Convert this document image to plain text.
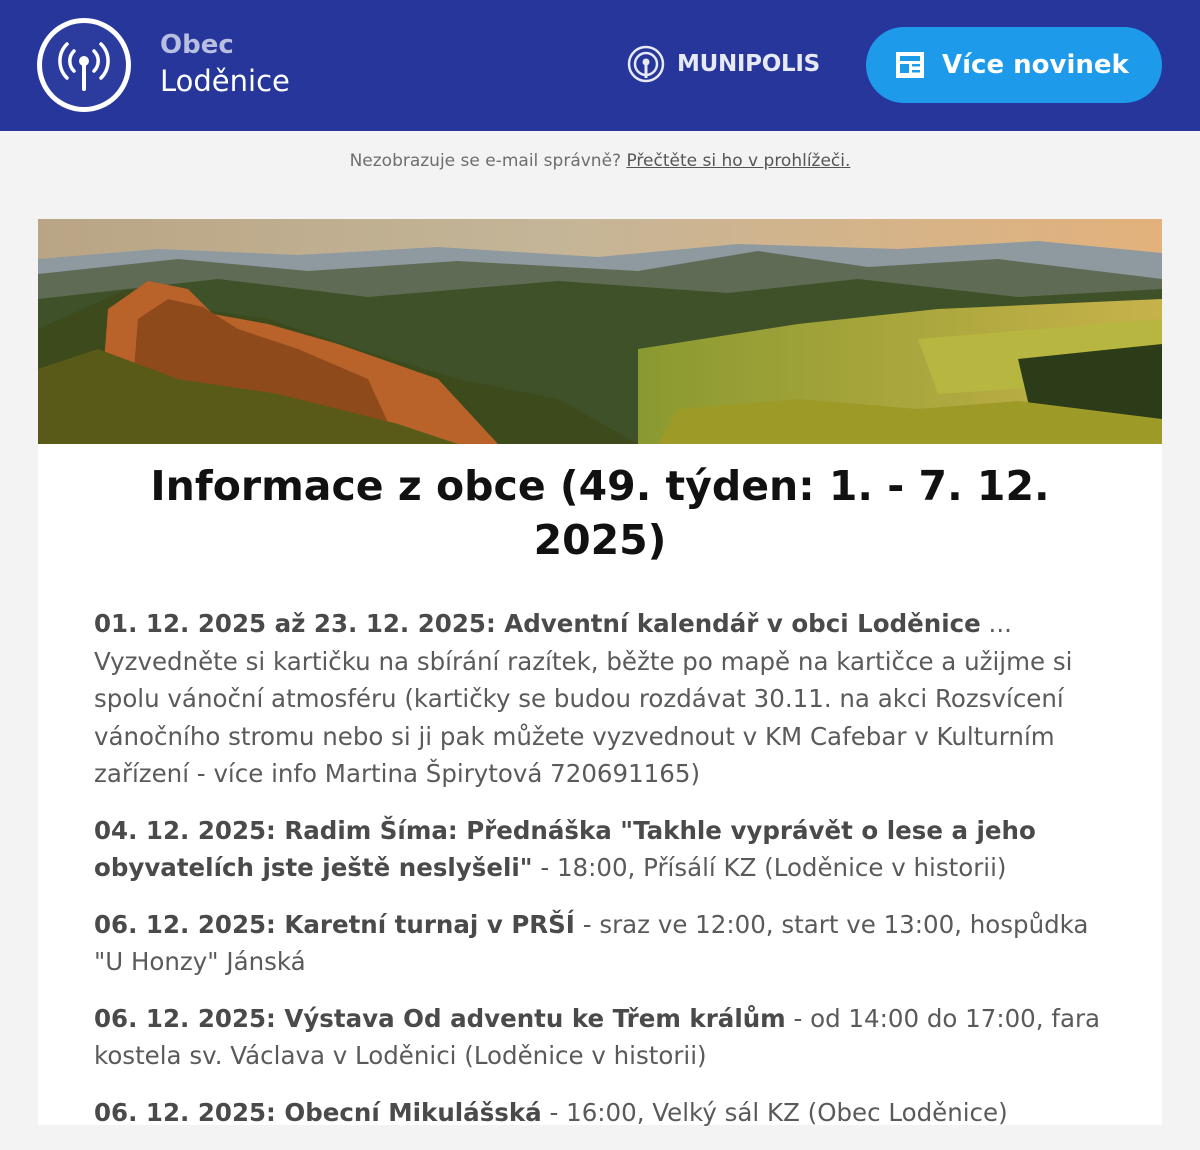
Obec
Loděnice	MUNIPOLIS	Více novinek
Nezobrazuje se e-mail správně? Přečtěte si ho v prohlížeči.
Informace z obce (49. týden: 1. - 7. 12. 2025)
01. 12. 2025 až 23. 12. 2025: Adventní kalendář v obci Loděnice ... Vyzvedněte si kartičku na sbírání razítek, běžte po mapě na kartičce a užijme si spolu vánoční atmosféru (kartičky se budou rozdávat 30.11. na akci Rozsvícení vánočního stromu nebo si ji pak můžete vyzvednout v KM Cafebar v Kulturním zařízení - více info Martina Špirytová 720691165)
04. 12. 2025: Radim Šíma: Přednáška "Takhle vyprávět o lese a jeho obyvatelích jste ještě neslyšeli" - 18:00, Přísálí KZ (Loděnice v historii)
06. 12. 2025: Karetní turnaj v PRŠÍ - sraz ve 12:00, start ve 13:00, hospůdka "U Honzy" Jánská
06. 12. 2025: Výstava Od adventu ke Třem králům - od 14:00 do 17:00, fara kostela sv. Václava v Loděnici (Loděnice v historii)
06. 12. 2025: Obecní Mikulášská - 16:00, Velký sál KZ (Obec Loděnice)
